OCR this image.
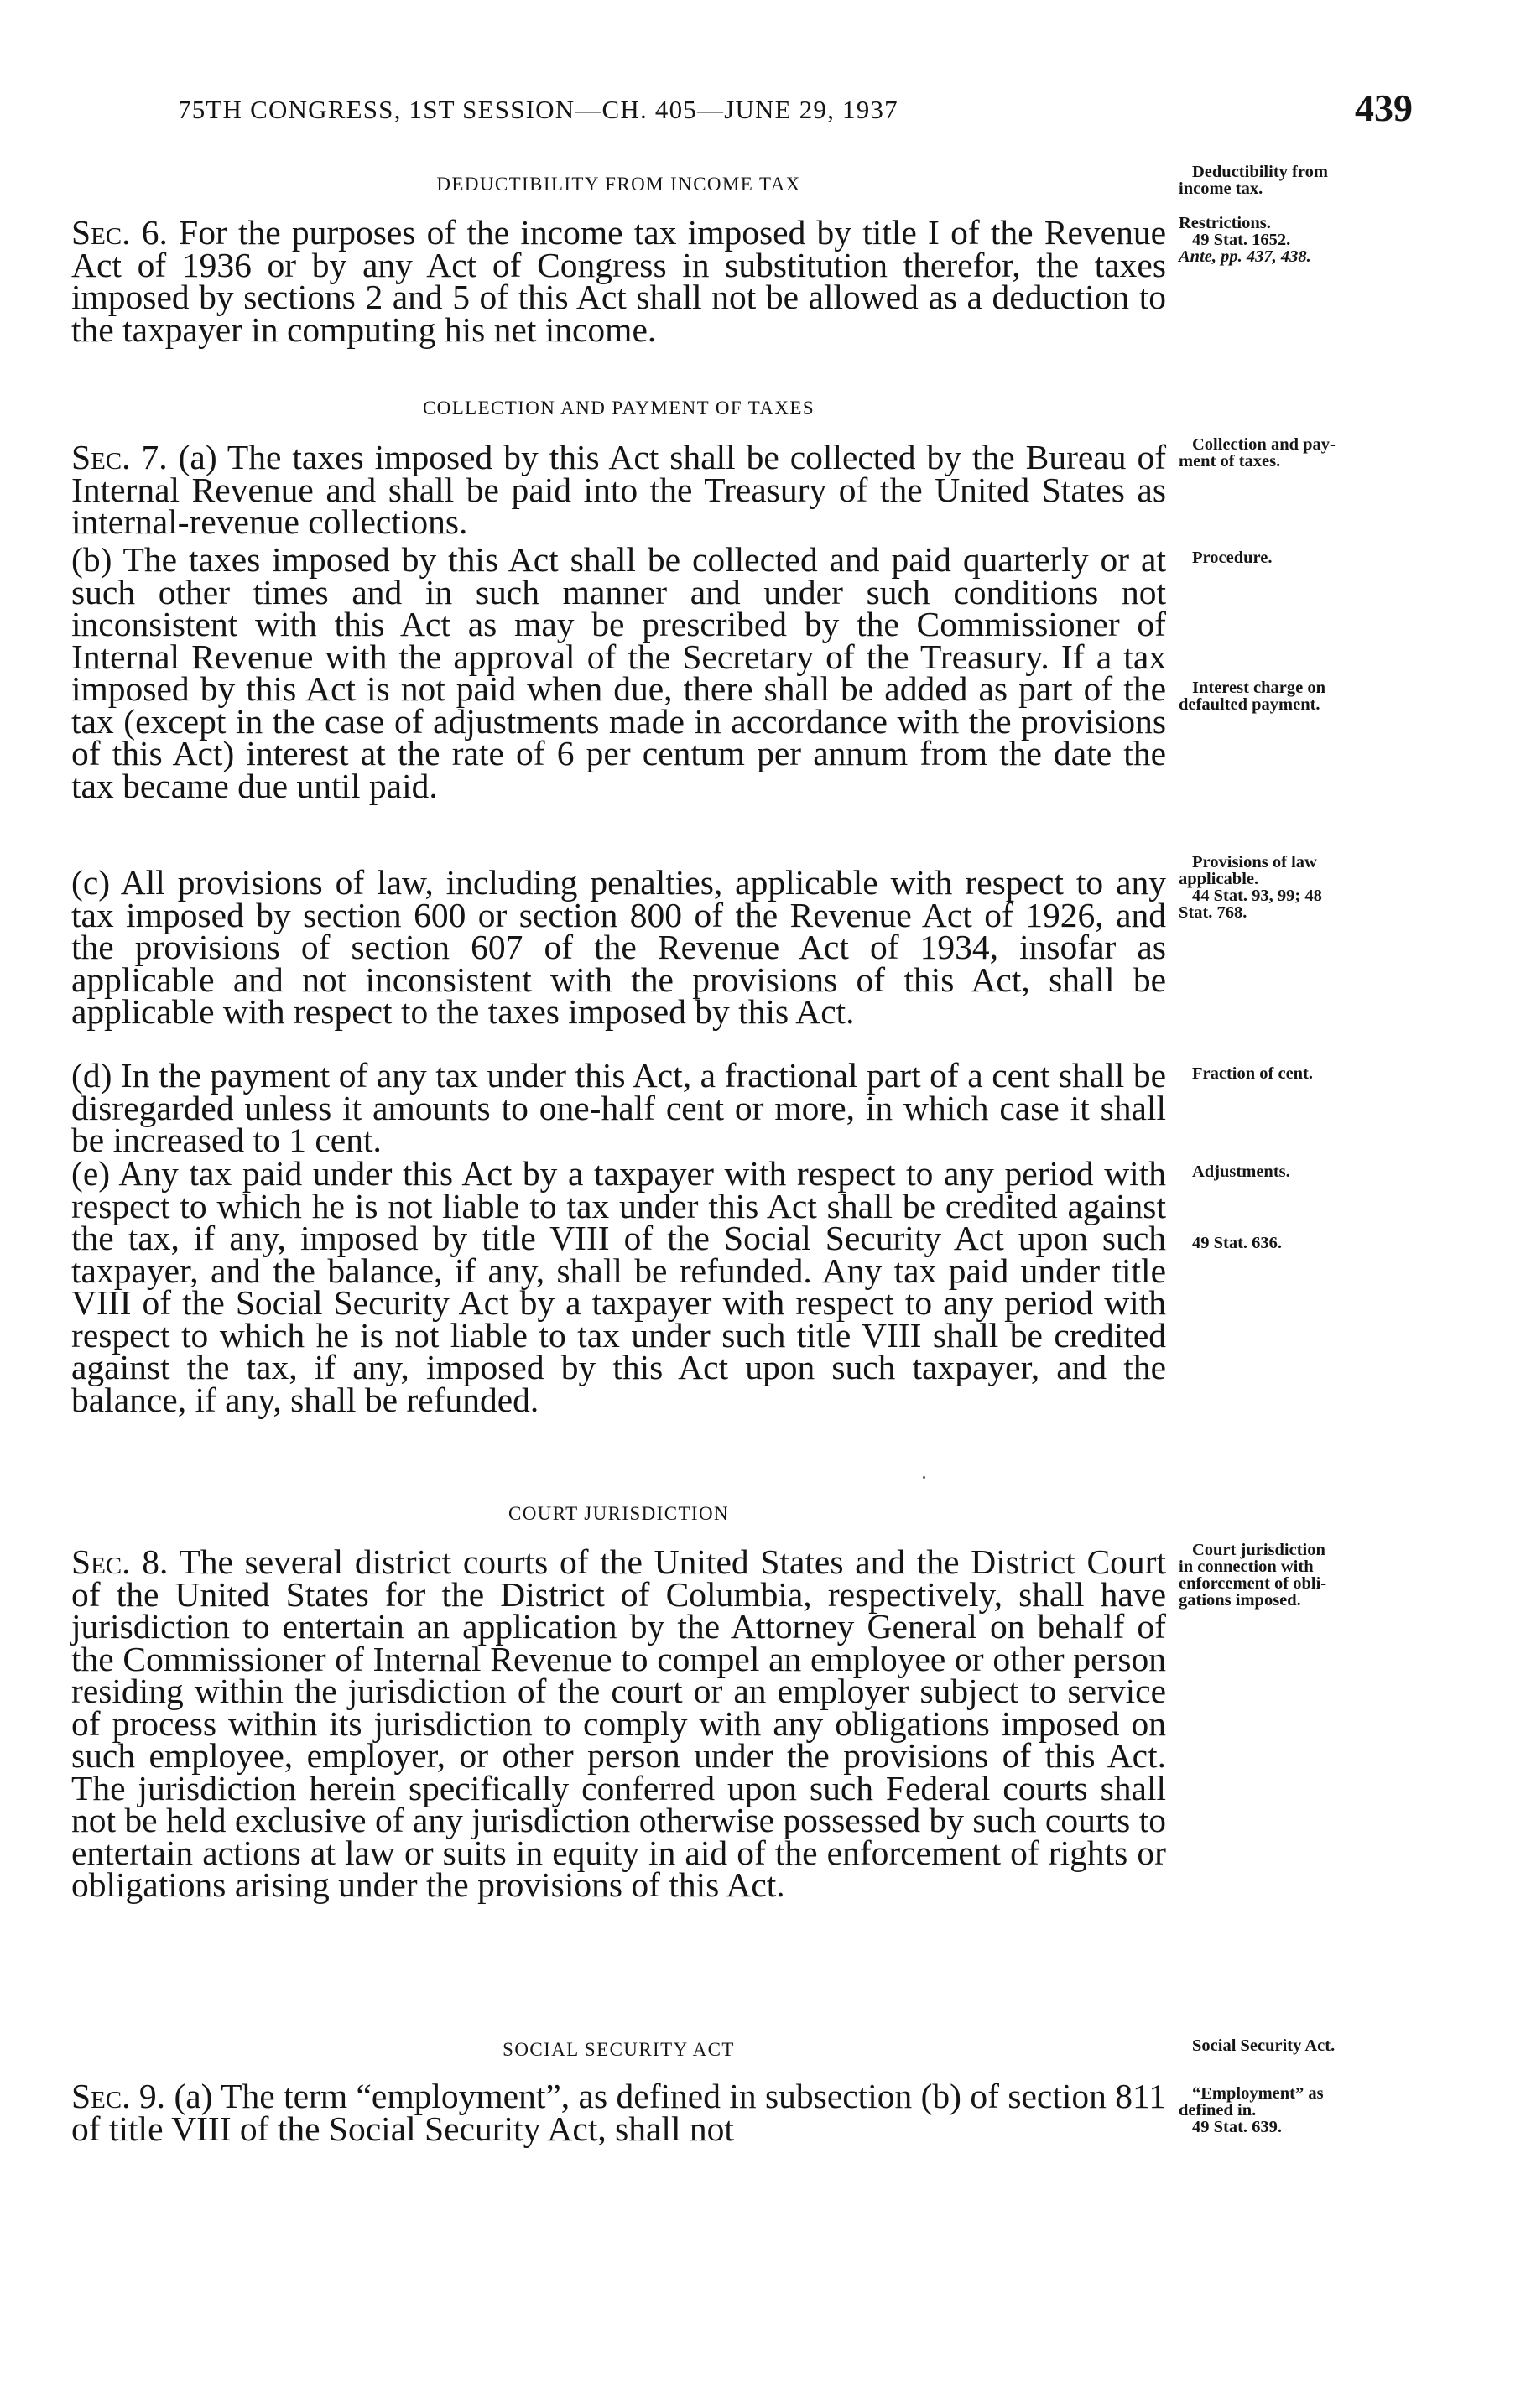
75TH CONGRESS, 1ST SESSION—CH. 405—JUNE 29, 1937	439
DEDUCTIBILITY FROM INCOME TAX

Sec. 6. For the purposes of the income tax imposed by title I of the Revenue Act of 1936 or by any Act of Congress in substitution therefor, the taxes imposed by sections 2 and 5 of this Act shall not be allowed as a deduction to the taxpayer in computing his net income.

COLLECTION AND PAYMENT OF TAXES

Sec. 7. (a) The taxes imposed by this Act shall be collected by the Bureau of Internal Revenue and shall be paid into the Treasury of the United States as internal-revenue collections.

(b) The taxes imposed by this Act shall be collected and paid quarterly or at such other times and in such manner and under such conditions not inconsistent with this Act as may be prescribed by the Commissioner of Internal Revenue with the approval of the Secretary of the Treasury. If a tax imposed by this Act is not paid when due, there shall be added as part of the tax (except in the case of adjustments made in accordance with the provisions of this Act) interest at the rate of 6 per centum per annum from the date the tax became due until paid.

(c) All provisions of law, including penalties, applicable with respect to any tax imposed by section 600 or section 800 of the Revenue Act of 1926, and the provisions of section 607 of the Revenue Act of 1934, insofar as applicable and not inconsistent with the provisions of this Act, shall be applicable with respect to the taxes imposed by this Act.

(d) In the payment of any tax under this Act, a fractional part of a cent shall be disregarded unless it amounts to one-half cent or more, in which case it shall be increased to 1 cent.

(e) Any tax paid under this Act by a taxpayer with respect to any period with respect to which he is not liable to tax under this Act shall be credited against the tax, if any, imposed by title VIII of the Social Security Act upon such taxpayer, and the balance, if any, shall be refunded. Any tax paid under title VIII of the Social Security Act by a taxpayer with respect to any period with respect to which he is not liable to tax under such title VIII shall be credited against the tax, if any, imposed by this Act upon such taxpayer, and the balance, if any, shall be refunded.

COURT JURISDICTION

Sec. 8. The several district courts of the United States and the District Court of the United States for the District of Columbia, respectively, shall have jurisdiction to entertain an application by the Attorney General on behalf of the Commissioner of Internal Revenue to compel an employee or other person residing within the jurisdiction of the court or an employer subject to service of process within its jurisdiction to comply with any obligations imposed on such employee, employer, or other person under the provisions of this Act. The jurisdiction herein specifically conferred upon such Federal courts shall not be held exclusive of any jurisdiction otherwise possessed by such courts to entertain actions at law or suits in equity in aid of the enforcement of rights or obligations arising under the provisions of this Act.

SOCIAL SECURITY ACT

Sec. 9. (a) The term “employment”, as defined in subsection (b) of section 811 of title VIII of the Social Security Act, shall not

Deductibility from
income tax.
Restrictions.
49 Stat. 1652.
Ante, pp. 437, 438.
Collection and pay-
ment of taxes.
Procedure.
Interest charge on
defaulted payment.
Provisions of law
applicable.
44 Stat. 93, 99; 48
Stat. 768.
Fraction of cent.
Adjustments.
49 Stat. 636.
Court jurisdiction
in connection with
enforcement of obli-
gations imposed.
Social Security Act.
“Employment” as
defined in.
49 Stat. 639.
